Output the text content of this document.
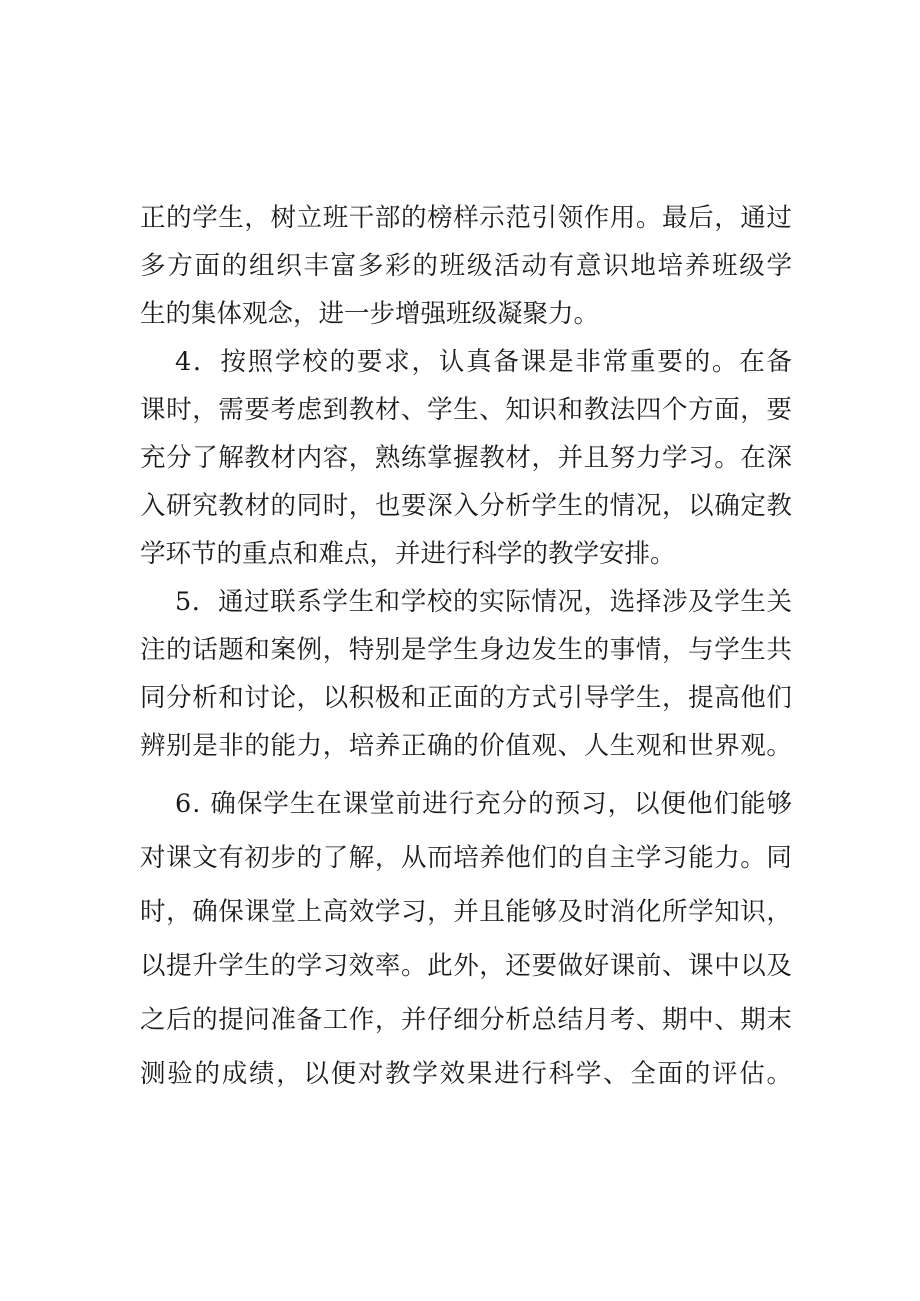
正的学生，树立班干部的榜样示范引领作用。最后，通过
多方面的组织丰富多彩的班级活动有意识地培养班级学
生的集体观念，进一步增强班级凝聚力。
4．按照学校的要求，认真备课是非常重要的。在备
课时，需要考虑到教材、学生、知识和教法四个方面，要
充分了解教材内容，熟练掌握教材，并且努力学习。在深
入研究教材的同时，也要深入分析学生的情况，以确定教
学环节的重点和难点，并进行科学的教学安排。
5．通过联系学生和学校的实际情况，选择涉及学生关
注的话题和案例，特别是学生身边发生的事情，与学生共
同分析和讨论，以积极和正面的方式引导学生，提高他们
辨别是非的能力，培养正确的价值观、人生观和世界观。
6. 确保学生在课堂前进行充分的预习，以便他们能够
对课文有初步的了解，从而培养他们的自主学习能力。同
时，确保课堂上高效学习，并且能够及时消化所学知识，
以提升学生的学习效率。此外，还要做好课前、课中以及
之后的提问准备工作，并仔细分析总结月考、期中、期末
测验的成绩，以便对教学效果进行科学、全面的评估。
